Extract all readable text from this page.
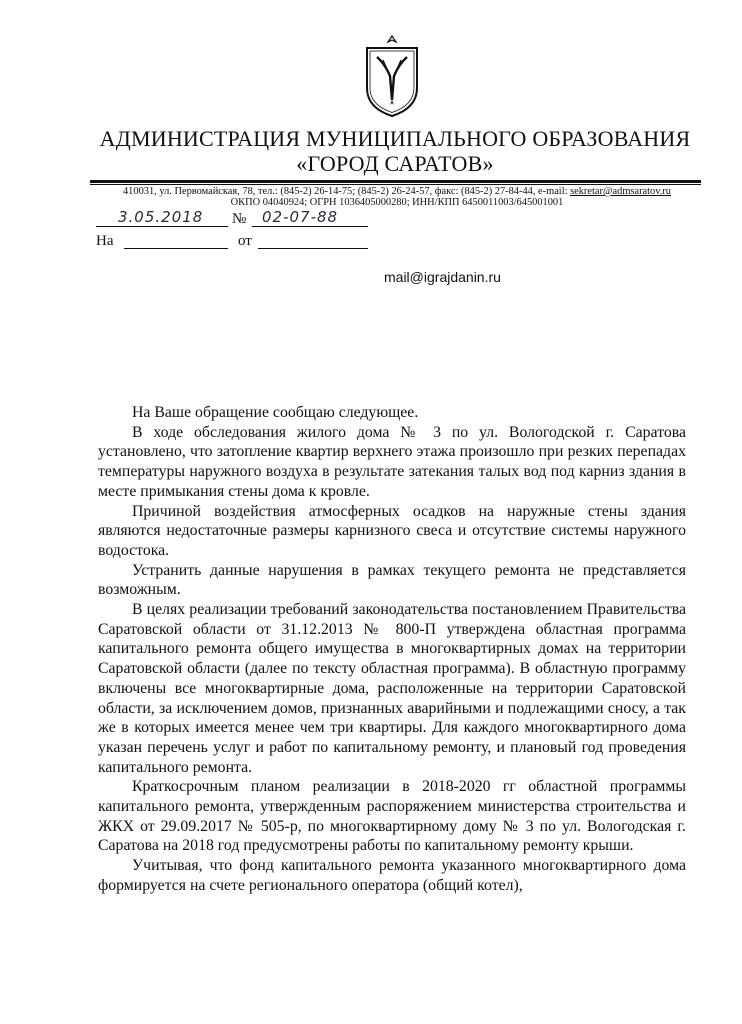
АДМИНИСТРАЦИЯ МУНИЦИПАЛЬНОГО ОБРАЗОВАНИЯ
«ГОРОД САРАТОВ»
410031, ул. Первомайская, 78, тел.: (845-2) 26-14-75; (845-2) 26-24-57, факс: (845-2) 27-84-44, e-mail: sekretar@admsaratov.ru
ОКПО 04040924; ОГРН 1036405000280; ИНН/КПП 6450011003/645001001
3.05.2018 № 02-07-88
На	от
mail@igrajdanin.ru

На Ваше обращение сообщаю следующее.

В ходе обследования жилого дома № 3 по ул. Вологодской г. Саратова установлено, что затопление квартир верхнего этажа произошло при резких перепадах температуры наружного воздуха в результате затекания талых вод под карниз здания в месте примыкания стены дома к кровле.

Причиной воздействия атмосферных осадков на наружные стены здания являются недостаточные размеры карнизного свеса и отсутствие системы наружного водостока.

Устранить данные нарушения в рамках текущего ремонта не представляется возможным.

В целях реализации требований законодательства постановлением Правительства Саратовской области от 31.12.2013 № 800-П утверждена областная программа капитального ремонта общего имущества в многоквартирных домах на территории Саратовской области (далее по тексту областная программа). В областную программу включены все многоквартирные дома, расположенные на территории Саратовской области, за исключением домов, признанных аварийными и подлежащими сносу, а так же в которых имеется менее чем три квартиры. Для каждого многоквартирного дома указан перечень услуг и работ по капитальному ремонту, и плановый год проведения капитального ремонта.

Краткосрочным планом реализации в 2018-2020 гг областной программы капитального ремонта, утвержденным распоряжением министерства строительства и ЖКХ от 29.09.2017 № 505-р, по многоквартирному дому № 3 по ул. Вологодская г. Саратова на 2018 год предусмотрены работы по капитальному ремонту крыши.

Учитывая, что фонд капитального ремонта указанного многоквартирного дома формируется на счете регионального оператора (общий котел),
